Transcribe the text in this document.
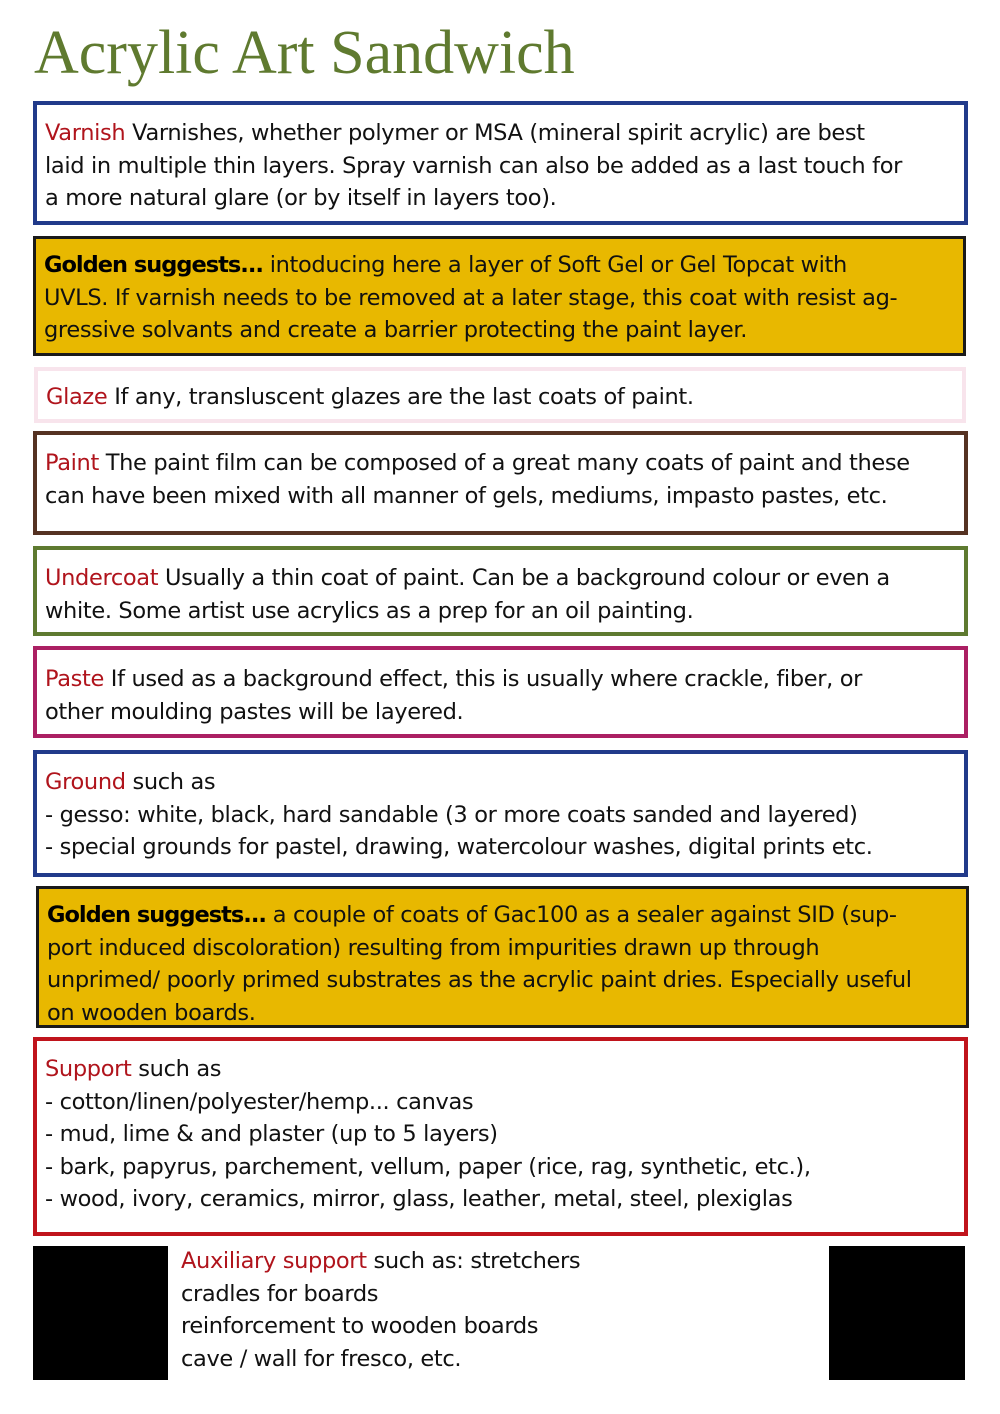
Acrylic Art Sandwich
Varnish Varnishes, whether polymer or MSA (mineral spirit acrylic) are best
laid in multiple thin layers. Spray varnish can also be added as a last touch for
a more natural glare (or by itself in layers too).
Golden suggests... intoducing here a layer of Soft Gel or Gel Topcat with
UVLS. If varnish needs to be removed at a later stage, this coat with resist ag-
gressive solvants and create a barrier protecting the paint layer.
Glaze If any, transluscent glazes are the last coats of paint.
Paint The paint film can be composed of a great many coats of paint and these
can have been mixed with all manner of gels, mediums, impasto pastes, etc.
Undercoat Usually a thin coat of paint. Can be a background colour or even a
white. Some artist use acrylics as a prep for an oil painting.
Paste If used as a background effect, this is usually where crackle, fiber, or
other moulding pastes will be layered.
Ground such as
- gesso: white, black, hard sandable (3 or more coats sanded and layered)
- special grounds for pastel, drawing, watercolour washes, digital prints etc.
Golden suggests... a couple of coats of Gac100 as a sealer against SID (sup-
port induced discoloration) resulting from impurities drawn up through
unprimed/ poorly primed substrates as the acrylic paint dries. Especially useful
on wooden boards.
Support such as
- cotton/linen/polyester/hemp... canvas
- mud, lime & and plaster (up to 5 layers)
- bark, papyrus, parchement, vellum, paper (rice, rag, synthetic, etc.),
- wood, ivory, ceramics, mirror, glass, leather, metal, steel, plexiglas
Auxiliary support such as: stretchers
cradles for boards
reinforcement to wooden boards
cave / wall for fresco, etc.
